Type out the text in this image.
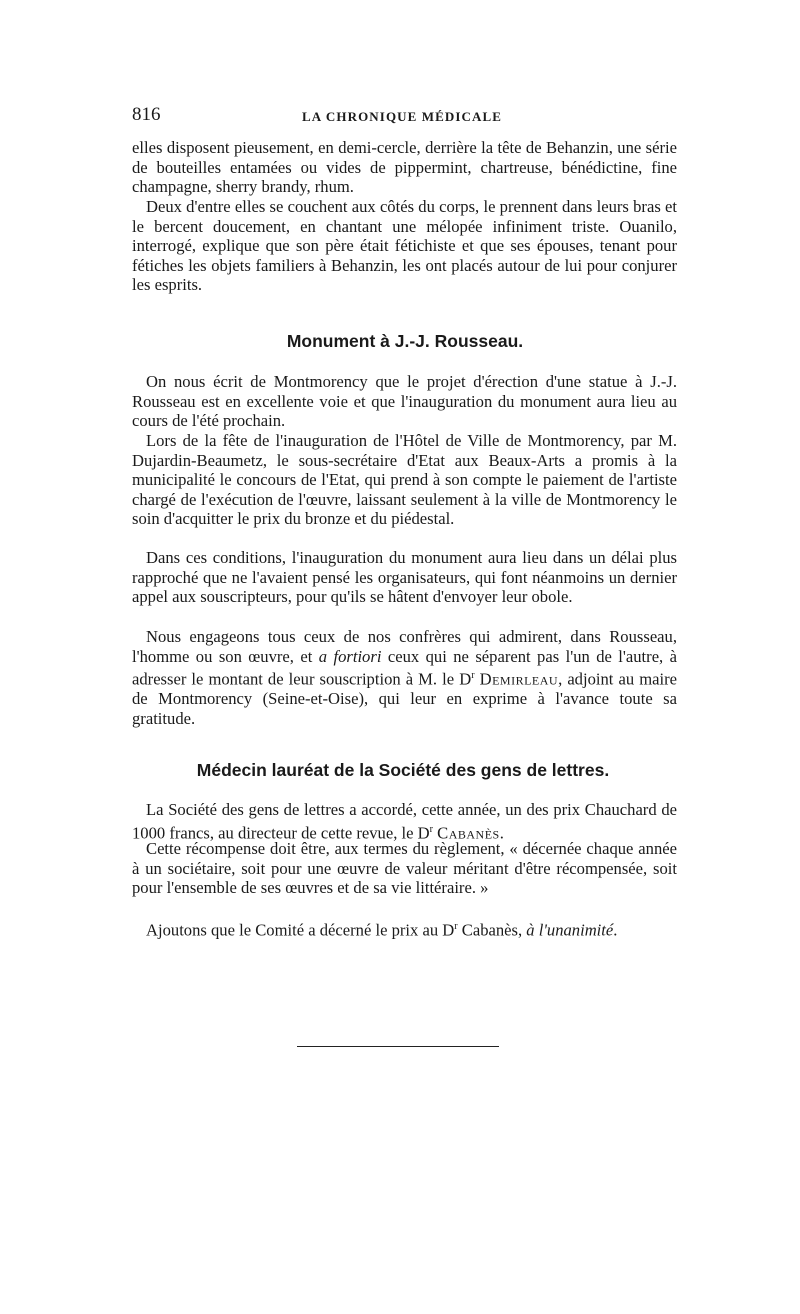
816	LA CHRONIQUE MÉDICALE

elles disposent pieusement, en demi-cercle, derrière la tête de Behanzin, une série de bouteilles entamées ou vides de pippermint, chartreuse, bénédictine, fine champagne, sherry brandy, rhum.

Deux d'entre elles se couchent aux côtés du corps, le prennent dans leurs bras et le bercent doucement, en chantant une mélopée infiniment triste. Ouanilo, interrogé, explique que son père était fétichiste et que ses épouses, tenant pour fétiches les objets familiers à Behanzin, les ont placés autour de lui pour conjurer les esprits.

Monument à J.-J. Rousseau.

On nous écrit de Montmorency que le projet d'érection d'une statue à J.-J. Rousseau est en excellente voie et que l'inauguration du monument aura lieu au cours de l'été prochain.

Lors de la fête de l'inauguration de l'Hôtel de Ville de Montmorency, par M. Dujardin-Beaumetz, le sous-secrétaire d'Etat aux Beaux-Arts a promis à la municipalité le concours de l'Etat, qui prend à son compte le paiement de l'artiste chargé de l'exécution de l'œuvre, laissant seulement à la ville de Montmorency le soin d'acquitter le prix du bronze et du piédestal.

Dans ces conditions, l'inauguration du monument aura lieu dans un délai plus rapproché que ne l'avaient pensé les organisateurs, qui font néanmoins un dernier appel aux souscripteurs, pour qu'ils se hâtent d'envoyer leur obole.

Nous engageons tous ceux de nos confrères qui admirent, dans Rousseau, l'homme ou son œuvre, et a fortiori ceux qui ne séparent pas l'un de l'autre, à adresser le montant de leur souscription à M. le $D^r$ Demirleau, adjoint au maire de Montmorency (Seine-et-Oise), qui leur en exprime à l'avance toute sa gratitude.

Médecin lauréat de la Société des gens de lettres.

La Société des gens de lettres a accordé, cette année, un des prix Chauchard de 1000 francs, au directeur de cette revue, le $D^r$ Cabanès.

Cette récompense doit être, aux termes du règlement, « décernée chaque année à un sociétaire, soit pour une œuvre de valeur méritant d'être récompensée, soit pour l'ensemble de ses œuvres et de sa vie littéraire. »

Ajoutons que le Comité a décerné le prix au $D^r$ Cabanès, à l'unanimité.
